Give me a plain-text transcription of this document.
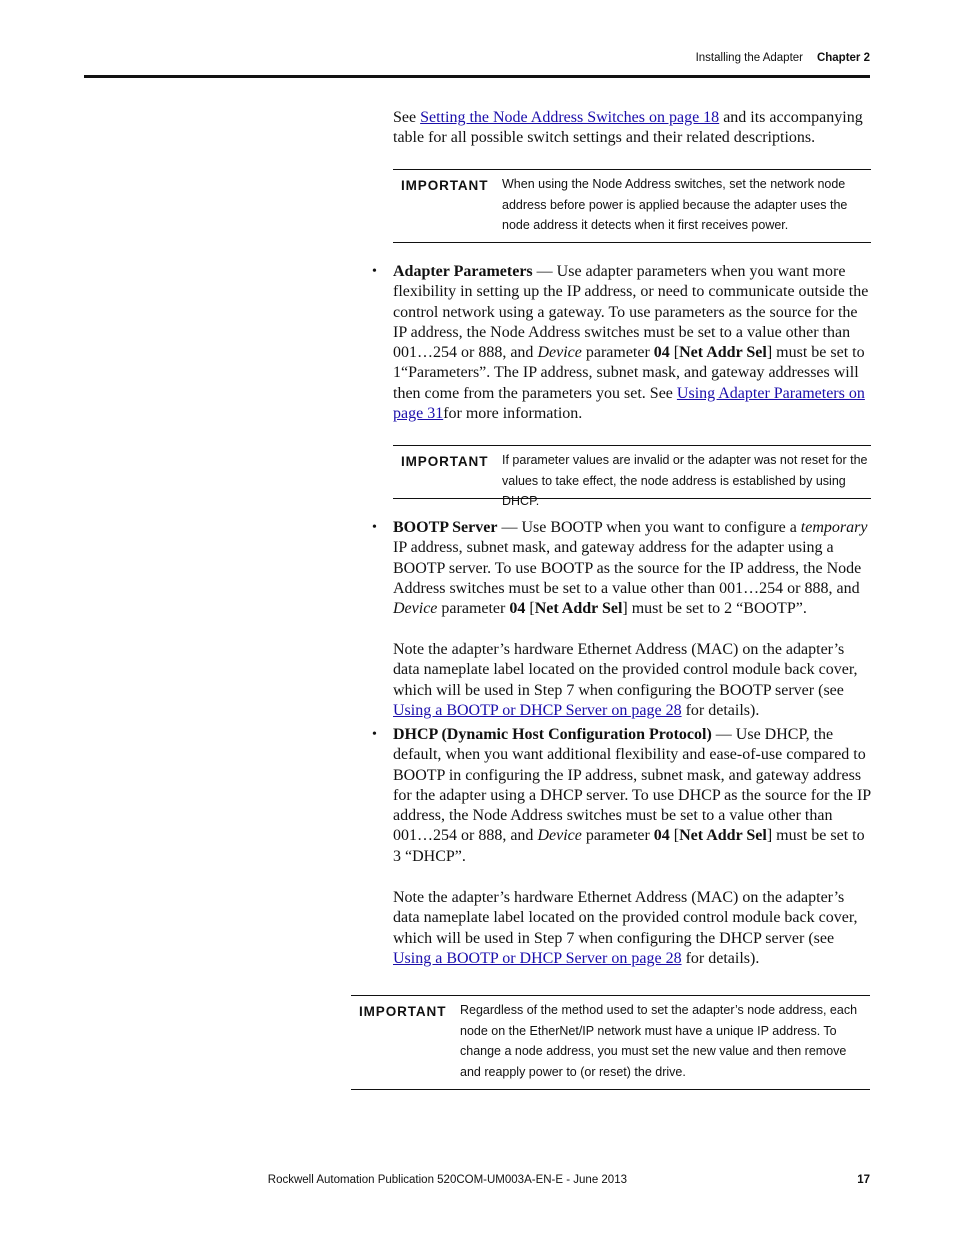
Installing the Adapter	Chapter 2
See Setting the Node Address Switches on page 18 and its accompanying table for all possible switch settings and their related descriptions.
IMPORTANT When using the Node Address switches, set the network node address before power is applied because the adapter uses the node address it detects when it first receives power.
• Adapter Parameters — Use adapter parameters when you want more flexibility in setting up the IP address, or need to communicate outside the control network using a gateway. To use parameters as the source for the IP address, the Node Address switches must be set to a value other than 001…254 or 888, and Device parameter 04 [Net Addr Sel] must be set to 1“Parameters”. The IP address, subnet mask, and gateway addresses will then come from the parameters you set. See Using Adapter Parameters on page 31for more information.
IMPORTANT If parameter values are invalid or the adapter was not reset for the values to take effect, the node address is established by using DHCP.
• BOOTP Server — Use BOOTP when you want to configure a temporary IP address, subnet mask, and gateway address for the adapter using a BOOTP server. To use BOOTP as the source for the IP address, the Node Address switches must be set to a value other than 001…254 or 888, and Device parameter 04 [Net Addr Sel] must be set to 2 “BOOTP”.
Note the adapter’s hardware Ethernet Address (MAC) on the adapter’s data nameplate label located on the provided control module back cover, which will be used in Step 7 when configuring the BOOTP server (see Using a BOOTP or DHCP Server on page 28 for details).
• DHCP (Dynamic Host Configuration Protocol) — Use DHCP, the default, when you want additional flexibility and ease-of-use compared to BOOTP in configuring the IP address, subnet mask, and gateway address for the adapter using a DHCP server. To use DHCP as the source for the IP address, the Node Address switches must be set to a value other than 001…254 or 888, and Device parameter 04 [Net Addr Sel] must be set to 3 “DHCP”.
Note the adapter’s hardware Ethernet Address (MAC) on the adapter’s data nameplate label located on the provided control module back cover, which will be used in Step 7 when configuring the DHCP server (see Using a BOOTP or DHCP Server on page 28 for details).
IMPORTANT Regardless of the method used to set the adapter’s node address, each node on the EtherNet/IP network must have a unique IP address. To change a node address, you must set the new value and then remove and reapply power to (or reset) the drive.
Rockwell Automation Publication 520COM-UM003A-EN-E - June 2013	17
